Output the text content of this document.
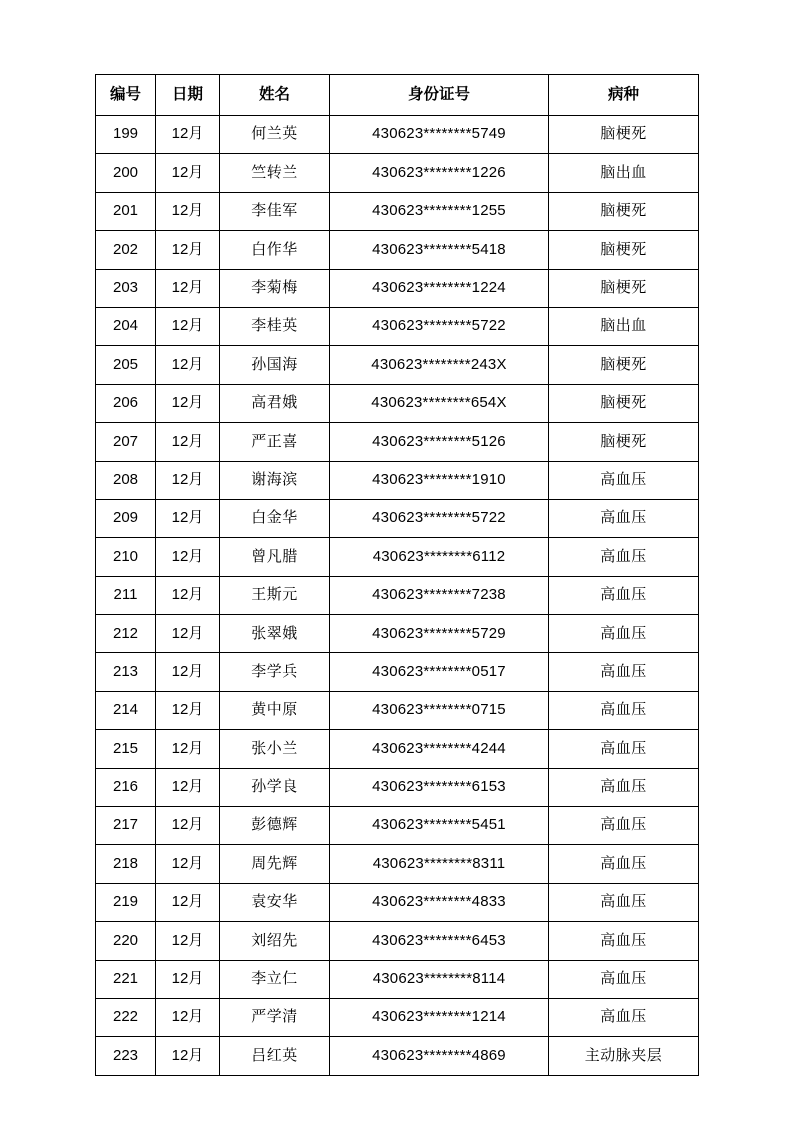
编号	日期	姓名	身份证号	病种
199	12月	何兰英	430623********5749	脑梗死
200	12月	竺转兰	430623********1226	脑出血
201	12月	李佳军	430623********1255	脑梗死
202	12月	白作华	430623********5418	脑梗死
203	12月	李菊梅	430623********1224	脑梗死
204	12月	李桂英	430623********5722	脑出血
205	12月	孙国海	430623********243X	脑梗死
206	12月	高君娥	430623********654X	脑梗死
207	12月	严正喜	430623********5126	脑梗死
208	12月	谢海滨	430623********1910	高血压
209	12月	白金华	430623********5722	高血压
210	12月	曾凡腊	430623********6112	高血压
211	12月	王斯元	430623********7238	高血压
212	12月	张翠娥	430623********5729	高血压
213	12月	李学兵	430623********0517	高血压
214	12月	黄中原	430623********0715	高血压
215	12月	张小兰	430623********4244	高血压
216	12月	孙学良	430623********6153	高血压
217	12月	彭德辉	430623********5451	高血压
218	12月	周先辉	430623********8311	高血压
219	12月	袁安华	430623********4833	高血压
220	12月	刘绍先	430623********6453	高血压
221	12月	李立仁	430623********8114	高血压
222	12月	严学清	430623********1214	高血压
223	12月	吕红英	430623********4869	主动脉夹层
